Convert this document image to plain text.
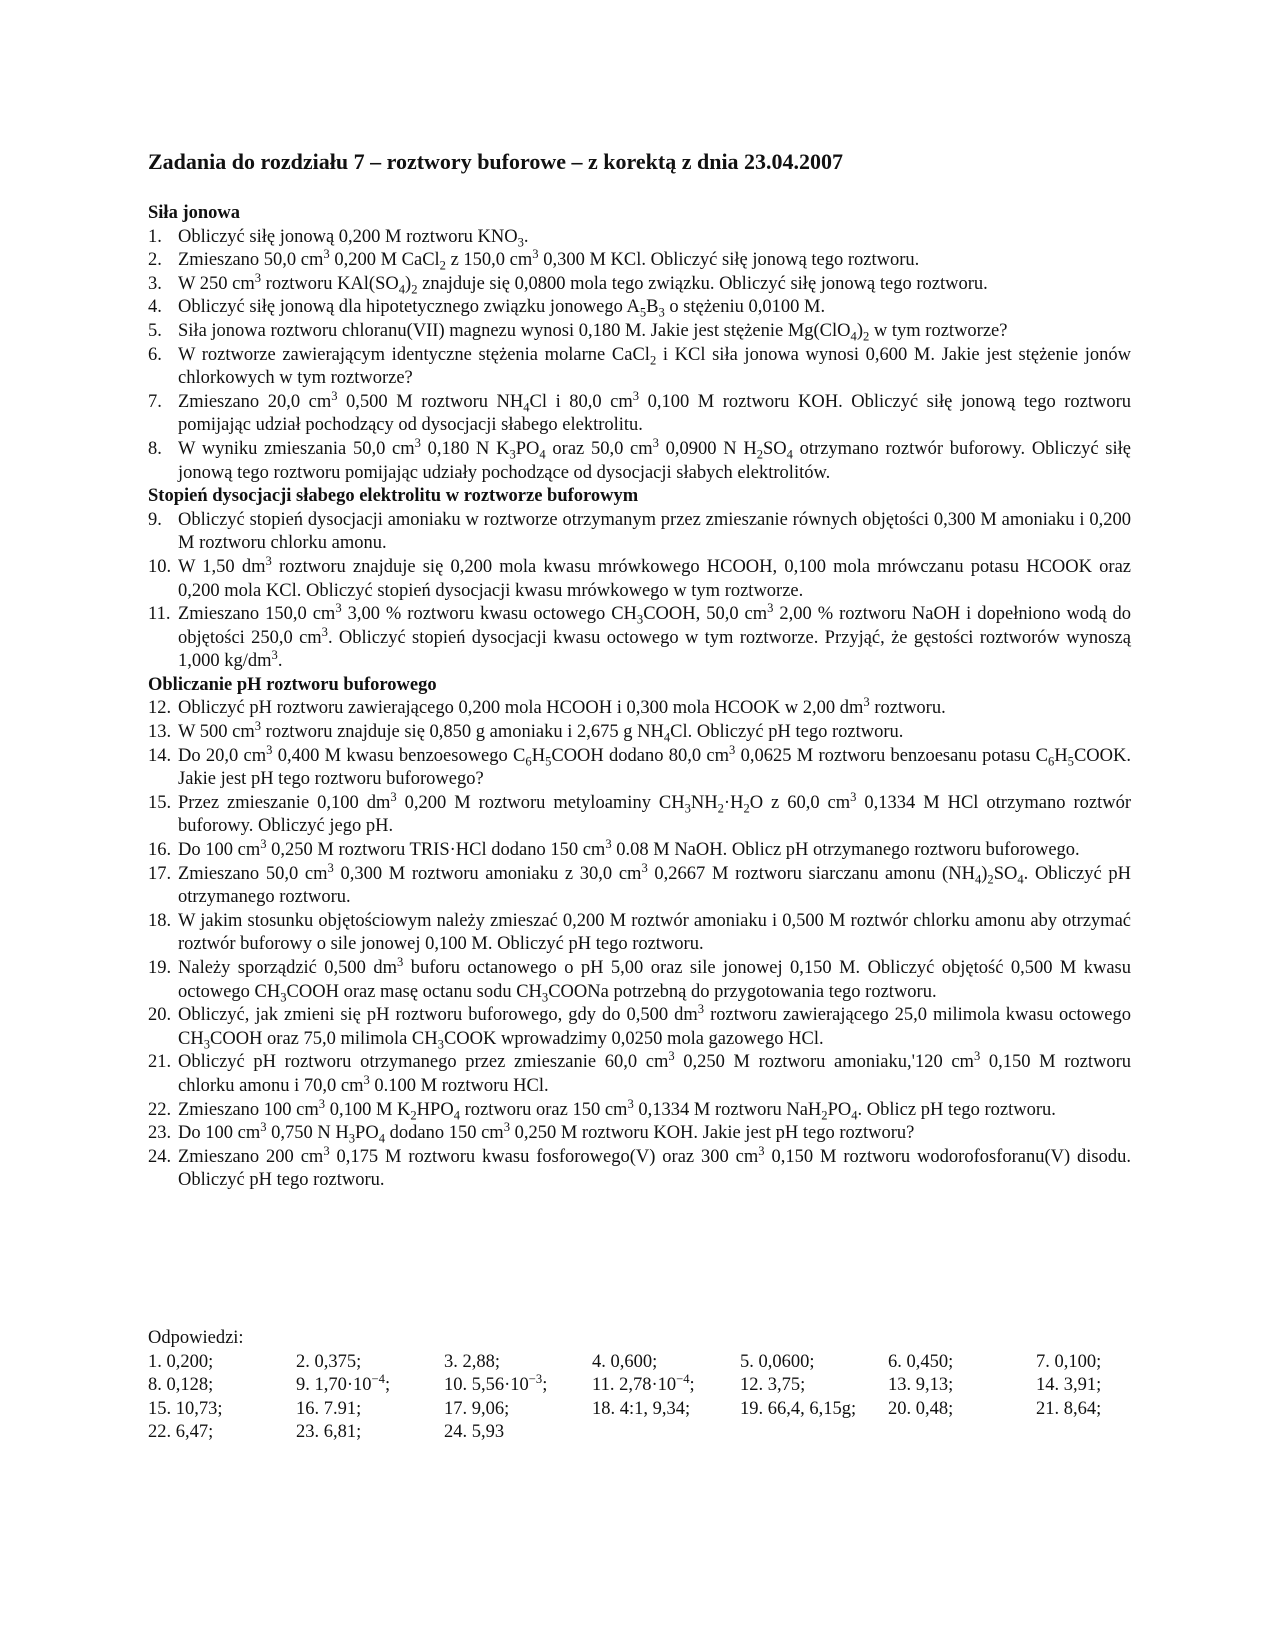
Zadania do rozdziału 7 – roztwory buforowe – z korektą z dnia 23.04.2007
Siła jonowa
1. Obliczyć siłę jonową 0,200 M roztworu $KNO_3$.
2. Zmieszano 50,0 $cm^3$ 0,200 M CaCl$_2$ z 150,0 $cm^3$ 0,300 M KCl. Obliczyć siłę jonową tego roztworu.
3. W 250 $cm^3$ roztworu $KAl(SO_4)_2$ znajduje się 0,0800 mola tego związku. Obliczyć siłę jonową tego roztworu.
4. Obliczyć siłę jonową dla hipotetycznego związku jonowego $A_5B_3$ o stężeniu 0,0100 M.
5. Siła jonowa roztworu chloranu(VII) magnezu wynosi 0,180 M. Jakie jest stężenie $Mg(ClO_4)_2$ w tym roztworze?
6. W roztworze zawierającym identyczne stężenia molarne CaCl$_2$ i KCl siła jonowa wynosi 0,600 M. Jakie jest stężenie jonów chlorkowych w tym roztworze?
7. Zmieszano 20,0 $cm^3$ 0,500 M roztworu $NH_4Cl$ i 80,0 $cm^3$ 0,100 M roztworu KOH. Obliczyć siłę jonową tego roztworu pomijając udział pochodzący od dysocjacji słabego elektrolitu.
8. W wyniku zmieszania 50,0 $cm^3$ 0,180 N $K_3PO_4$ oraz 50,0 $cm^3$ 0,0900 N $H_2SO_4$ otrzymano roztwór buforowy. Obliczyć siłę jonową tego roztworu pomijając udziały pochodzące od dysocjacji słabych elektrolitów.
Stopień dysocjacji słabego elektrolitu w roztworze buforowym
9. Obliczyć stopień dysocjacji amoniaku w roztworze otrzymanym przez zmieszanie równych objętości 0,300 M amoniaku i 0,200 M roztworu chlorku amonu.
10. W 1,50 $dm^3$ roztworu znajduje się 0,200 mola kwasu mrówkowego HCOOH, 0,100 mola mrówczanu potasu HCOOK oraz 0,200 mola KCl. Obliczyć stopień dysocjacji kwasu mrówkowego w tym roztworze.
11. Zmieszano 150,0 $cm^3$ 3,00 % roztworu kwasu octowego $CH_3COOH$, 50,0 $cm^3$ 2,00 % roztworu NaOH i dopełniono wodą do objętości 250,0 $cm^3$. Obliczyć stopień dysocjacji kwasu octowego w tym roztworze. Przyjąć, że gęstości roztworów wynoszą 1,000 $kg/dm^3$.
Obliczanie pH roztworu buforowego
12. Obliczyć pH roztworu zawierającego 0,200 mola HCOOH i 0,300 mola HCOOK w 2,00 $dm^3$ roztworu.
13. W 500 $cm^3$ roztworu znajduje się 0,850 g amoniaku i 2,675 g $NH_4Cl$. Obliczyć pH tego roztworu.
14. Do 20,0 $cm^3$ 0,400 M kwasu benzoesowego $C_6H_5COOH$ dodano 80,0 $cm^3$ 0,0625 M roztworu benzoesanu potasu $C_6H_5COOK$. Jakie jest pH tego roztworu buforowego?
15. Przez zmieszanie 0,100 $dm^3$ 0,200 M roztworu metyloaminy $CH_3NH_2\cdot H_2O$ z 60,0 $cm^3$ 0,1334 M HCl otrzymano roztwór buforowy. Obliczyć jego pH.
16. Do 100 $cm^3$ 0,250 M roztworu TRIS·HCl dodano 150 $cm^3$ 0.08 M NaOH. Oblicz pH otrzymanego roztworu buforowego.
17. Zmieszano 50,0 $cm^3$ 0,300 M roztworu amoniaku z 30,0 $cm^3$ 0,2667 M roztworu siarczanu amonu $(NH_4)_2SO_4$. Obliczyć pH otrzymanego roztworu.
18. W jakim stosunku objętościowym należy zmieszać 0,200 M roztwór amoniaku i 0,500 M roztwór chlorku amonu aby otrzymać roztwór buforowy o sile jonowej 0,100 M. Obliczyć pH tego roztworu.
19. Należy sporządzić 0,500 $dm^3$ buforu octanowego o pH 5,00 oraz sile jonowej 0,150 M. Obliczyć objętość 0,500 M kwasu octowego $CH_3COOH$ oraz masę octanu sodu $CH_3COONa$ potrzebną do przygotowania tego roztworu.
20. Obliczyć, jak zmieni się pH roztworu buforowego, gdy do 0,500 $dm^3$ roztworu zawierającego 25,0 milimola kwasu octowego $CH_3COOH$ oraz 75,0 milimola $CH_3COOK$ wprowadzimy 0,0250 mola gazowego HCl.
21. Obliczyć pH roztworu otrzymanego przez zmieszanie 60,0 $cm^3$ 0,250 M roztworu amoniaku,'120 $cm^3$ 0,150 M roztworu chlorku amonu i 70,0 $cm^3$ 0.100 M roztworu HCl.
22. Zmieszano 100 $cm^3$ 0,100 M $K_2HPO_4$ roztworu oraz 150 $cm^3$ 0,1334 M roztworu $NaH_2PO_4$. Oblicz pH tego roztworu.
23. Do 100 $cm^3$ 0,750 N $H_3PO_4$ dodano 150 $cm^3$ 0,250 M roztworu KOH. Jakie jest pH tego roztworu?
24. Zmieszano 200 $cm^3$ 0,175 M roztworu kwasu fosforowego(V) oraz 300 $cm^3$ 0,150 M roztworu wodorofosforanu(V) disodu. Obliczyć pH tego roztworu.
Odpowiedzi:
1. 0,200;	2. 0,375;	3. 2,88;	4. 0,600;	5. 0,0600;	6. 0,450;	7. 0,100;
8. 0,128;	9. $1,70\cdot 10^{-4}$;	10. $5,56\cdot 10^{-3}$;	11. $2,78\cdot 10^{-4}$;	12. 3,75;	13. 9,13;	14. 3,91;
15. 10,73;	16. 7.91;	17. 9,06;	18. 4:1, 9,34;	19. 66,4, 6,15g;	20. 0,48;	21. 8,64;
22. 6,47;	23. 6,81;	24. 5,93
